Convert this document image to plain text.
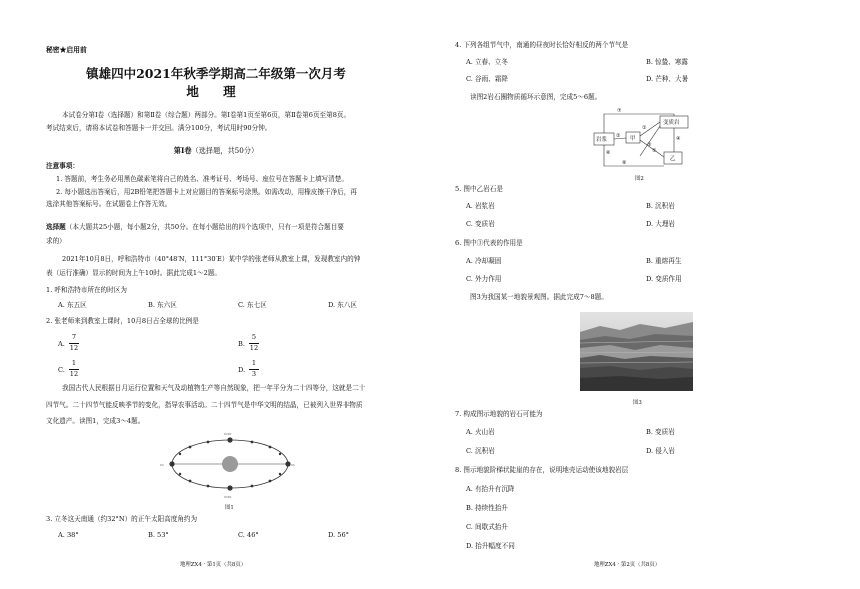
秘密★启用前
镇雄四中2021年秋季学期高二年级第一次月考
地 理
本试卷分第Ⅰ卷（选择题）和第Ⅱ卷（综合题）两部分。第Ⅰ卷第1页至第6页，第Ⅱ卷第6页至第8页。
考试结束后，请将本试卷和答题卡一并交回。满分100分，考试用时90分钟。
第Ⅰ卷（选择题，共50分）
注意事项：
1. 答题前，考生务必用黑色碳素笔将自己的姓名、准考证号、考场号、座位号在答题卡上填写清楚。
2. 每小题选出答案后，用2B铅笔把答题卡上对应题目的答案标号涂黑。如需改动，用橡皮擦干净后，再
选涂其他答案标号。在试题卷上作答无效。
选择题（本大题共25小题，每小题2分，共50分。在每小题给出的四个选项中，只有一项是符合题目要
求的）
2021年10月8日，呼和浩特市（40°48′N，111°30′E）某中学的张老师从教室上课，发现教室内的钟
表（运行准确）显示的时间为上午10时。据此完成1～2题。
1. 呼和浩特市所在的时区为
A. 东五区	B. 东六区	C. 东七区	D. 东八区
2. 张老师来到教室上课时，10月8日占全球的比例是
A.
7
12	B.
5
12
C.
1
12	D.
1
3
我国古代人民根据日月运行位置和天气及动植物生产等自然现象，把一年平分为二十四等分，这就是二十
四节气。二十四节气能反映季节的变化，指导农事活动。二十四节气是中华文明的结晶，已被列入世界非物质
文化遗产。读图1，完成3～4题。
▭▭
▭	▭
▭▭
图1
3. 立冬这天南通（约32°N）的正午太阳高度角约为
A. 38°	B. 53°	C. 46°	D. 56°
地理ZX4 · 第1页（共8页）
4. 下列各组节气中，南通的昼夜时长恰好相反的两个节气是
A. 立春、立冬	B. 惊蛰、寒露
C. 谷雨、霜降	D. 芒种、大暑
读图2岩石圈物质循环示意图，完成5～6题。
岩浆	甲
变质岩
乙
⑦
②
①
③
④
⑤
⑥
⑧
图2
5. 图中乙岩石是
A. 岩浆岩	B. 沉积岩
C. 变质岩	D. 大理岩
6. 图中③代表的作用是
A. 冷却凝固	B. 重熔再生
C. 外力作用	D. 变质作用
图3为我国某一地貌景观图。据此完成7～8题。
图3
7. 构成图示地貌的岩石可能为
A. 火山岩	B. 变质岩
C. 沉积岩	D. 侵入岩
8. 图示地貌阶梯状陡崖的存在，说明地壳运动使该地貌岩层
A. 有抬升有沉降
B. 持续性抬升
C. 间歇式抬升
D. 抬升幅度不同
地理ZX4 · 第2页（共8页）
